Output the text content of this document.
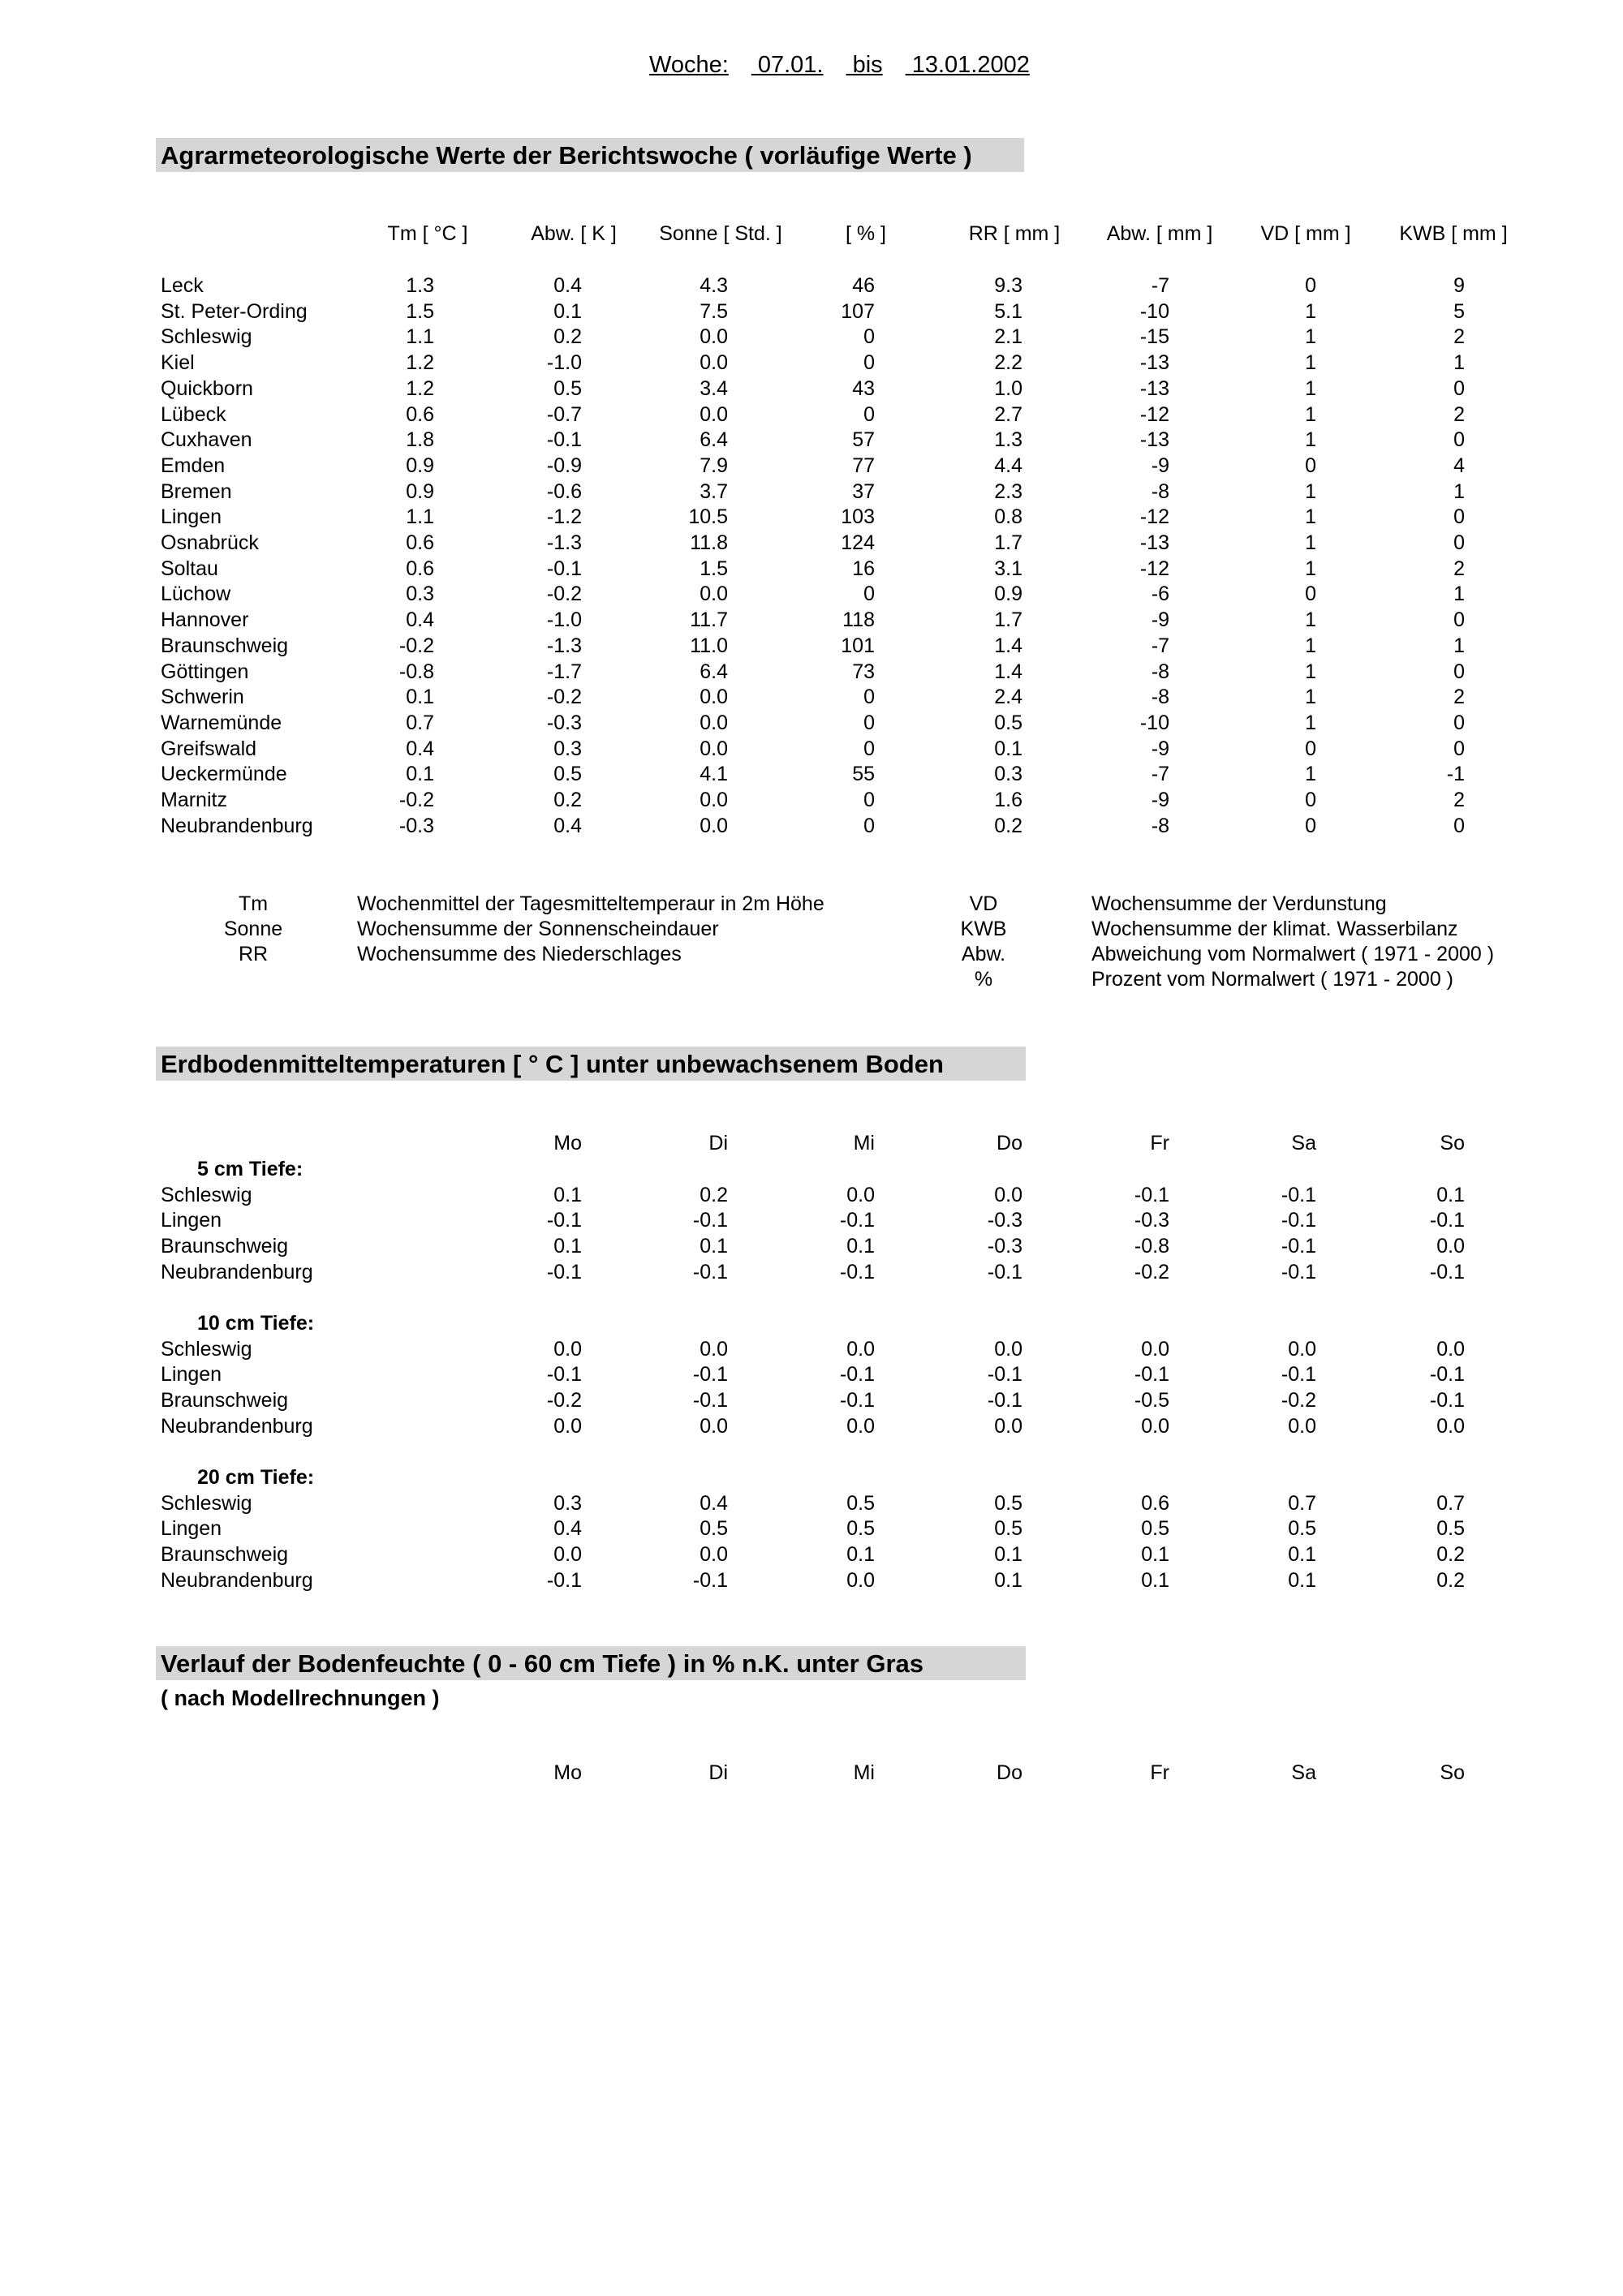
Woche: 07.01. bis 13.01.2002
Agrarmeteorologische Werte der Berichtswoche ( vorläufige Werte )
Tm [ °C ]	Abw. [ K ]	Sonne [ Std. ]	[ % ]	RR [ mm ]	Abw. [ mm ]	VD [ mm ]	KWB [ mm ]
Leck	1.3	0.4	4.3	46	9.3	-7	0	9
St. Peter-Ording	1.5	0.1	7.5	107	5.1	-10	1	5
Schleswig	1.1	0.2	0.0	0	2.1	-15	1	2
Kiel	1.2	-1.0	0.0	0	2.2	-13	1	1
Quickborn	1.2	0.5	3.4	43	1.0	-13	1	0
Lübeck	0.6	-0.7	0.0	0	2.7	-12	1	2
Cuxhaven	1.8	-0.1	6.4	57	1.3	-13	1	0
Emden	0.9	-0.9	7.9	77	4.4	-9	0	4
Bremen	0.9	-0.6	3.7	37	2.3	-8	1	1
Lingen	1.1	-1.2	10.5	103	0.8	-12	1	0
Osnabrück	0.6	-1.3	11.8	124	1.7	-13	1	0
Soltau	0.6	-0.1	1.5	16	3.1	-12	1	2
Lüchow	0.3	-0.2	0.0	0	0.9	-6	0	1
Hannover	0.4	-1.0	11.7	118	1.7	-9	1	0
Braunschweig	-0.2	-1.3	11.0	101	1.4	-7	1	1
Göttingen	-0.8	-1.7	6.4	73	1.4	-8	1	0
Schwerin	0.1	-0.2	0.0	0	2.4	-8	1	2
Warnemünde	0.7	-0.3	0.0	0	0.5	-10	1	0
Greifswald	0.4	0.3	0.0	0	0.1	-9	0	0
Ueckermünde	0.1	0.5	4.1	55	0.3	-7	1	-1
Marnitz	-0.2	0.2	0.0	0	1.6	-9	0	2
Neubrandenburg	-0.3	0.4	0.0	0	0.2	-8	0	0
Tm	Wochenmittel der Tagesmitteltemperaur in 2m Höhe
Sonne	Wochensumme der Sonnenscheindauer
RR	Wochensumme des Niederschlages
VD	Wochensumme der Verdunstung
KWB	Wochensumme der klimat. Wasserbilanz
Abw.	Abweichung vom Normalwert ( 1971 - 2000 )
%	Prozent vom Normalwert ( 1971 - 2000 )
Erdbodenmitteltemperaturen [ ° C ] unter unbewachsenem Boden
Mo	Di	Mi	Do	Fr	Sa	So
5 cm Tiefe:
Schleswig	0.1	0.2	0.0	0.0	-0.1	-0.1	0.1
Lingen	-0.1	-0.1	-0.1	-0.3	-0.3	-0.1	-0.1
Braunschweig	0.1	0.1	0.1	-0.3	-0.8	-0.1	0.0
Neubrandenburg	-0.1	-0.1	-0.1	-0.1	-0.2	-0.1	-0.1
10 cm Tiefe:
Schleswig	0.0	0.0	0.0	0.0	0.0	0.0	0.0
Lingen	-0.1	-0.1	-0.1	-0.1	-0.1	-0.1	-0.1
Braunschweig	-0.2	-0.1	-0.1	-0.1	-0.5	-0.2	-0.1
Neubrandenburg	0.0	0.0	0.0	0.0	0.0	0.0	0.0
20 cm Tiefe:
Schleswig	0.3	0.4	0.5	0.5	0.6	0.7	0.7
Lingen	0.4	0.5	0.5	0.5	0.5	0.5	0.5
Braunschweig	0.0	0.0	0.1	0.1	0.1	0.1	0.2
Neubrandenburg	-0.1	-0.1	0.0	0.1	0.1	0.1	0.2
Verlauf der Bodenfeuchte ( 0 - 60 cm Tiefe ) in % n.K. unter Gras
( nach Modellrechnungen )
Mo	Di	Mi	Do	Fr	Sa	So
